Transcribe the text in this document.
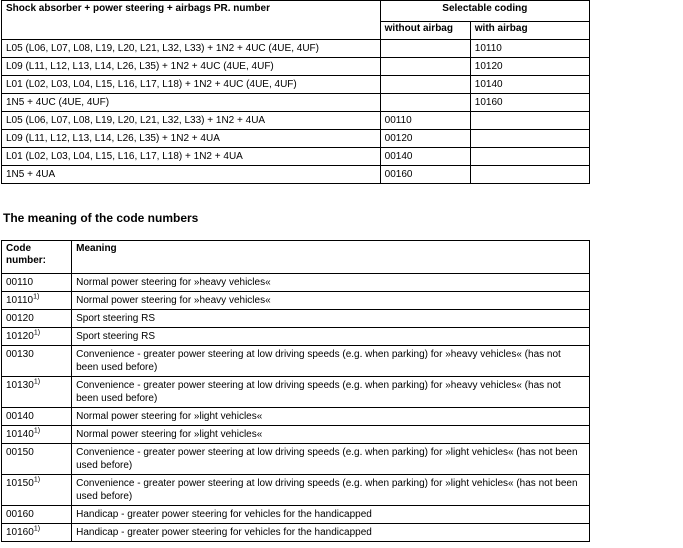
Shock absorber + power steering + airbags PR. number	Selectable coding	
	without airbag	with airbag
L05 (L06, L07, L08, L19, L20, L21, L32, L33) + 1N2 + 4UC (4UE, 4UF)		10110
L09 (L11, L12, L13, L14, L26, L35) + 1N2 + 4UC (4UE, 4UF)		10120
L01 (L02, L03, L04, L15, L16, L17, L18) + 1N2 + 4UC (4UE, 4UF)		10140
1N5 + 4UC (4UE, 4UF)		10160
L05 (L06, L07, L08, L19, L20, L21, L32, L33) + 1N2 + 4UA	00110	
L09 (L11, L12, L13, L14, L26, L35) + 1N2 + 4UA	00120	
L01 (L02, L03, L04, L15, L16, L17, L18) + 1N2 + 4UA	00140	
1N5 + 4UA	00160	
The meaning of the code numbers
Code number:	Meaning
00110	Normal power steering for »heavy vehicles«
10110$^{1)}$	Normal power steering for »heavy vehicles«
00120	Sport steering RS
10120$^{1)}$	Sport steering RS
00130	Convenience - greater power steering at low driving speeds (e.g. when parking) for »heavy vehicles« (has not been used before)
10130$^{1)}$	Convenience - greater power steering at low driving speeds (e.g. when parking) for »heavy vehicles« (has not been used before)
00140	Normal power steering for »light vehicles«
10140$^{1)}$	Normal power steering for »light vehicles«
00150	Convenience - greater power steering at low driving speeds (e.g. when parking) for »light vehicles« (has not been used before)
10150$^{1)}$	Convenience - greater power steering at low driving speeds (e.g. when parking) for »light vehicles« (has not been used before)
00160	Handicap - greater power steering for vehicles for the handicapped
10160$^{1)}$	Handicap - greater power steering for vehicles for the handicapped
